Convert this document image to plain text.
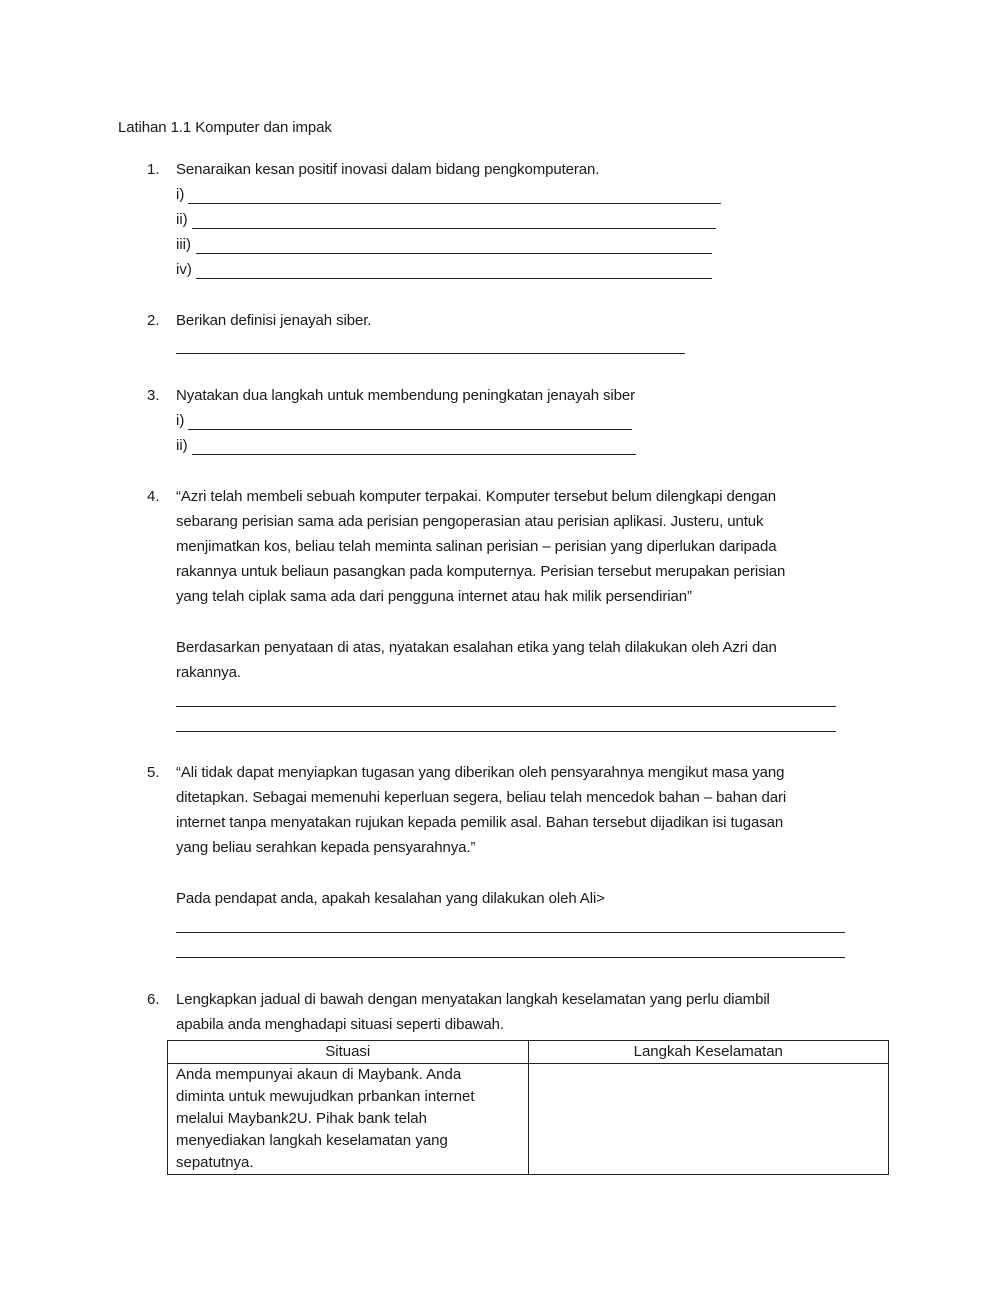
Latihan 1.1 Komputer dan impak
1. Senaraikan kesan positif inovasi dalam bidang pengkomputeran.
i)
ii)
iii)
iv)
2. Berikan definisi jenayah siber.
3. Nyatakan dua langkah untuk membendung peningkatan jenayah siber
i)
ii)
4. “Azri telah membeli sebuah komputer terpakai. Komputer tersebut belum dilengkapi dengan
sebarang perisian sama ada perisian pengoperasian atau perisian aplikasi. Justeru, untuk
menjimatkan kos, beliau telah meminta salinan perisian – perisian yang diperlukan daripada
rakannya untuk beliaun pasangkan pada komputernya. Perisian tersebut merupakan perisian
yang telah ciplak sama ada dari pengguna internet atau hak milik persendirian”
Berdasarkan penyataan di atas, nyatakan esalahan etika yang telah dilakukan oleh Azri dan
rakannya.
5. “Ali tidak dapat menyiapkan tugasan yang diberikan oleh pensyarahnya mengikut masa yang
ditetapkan. Sebagai memenuhi keperluan segera, beliau telah mencedok bahan – bahan dari
internet tanpa menyatakan rujukan kepada pemilik asal. Bahan tersebut dijadikan isi tugasan
yang beliau serahkan kepada pensyarahnya.”
Pada pendapat anda, apakah kesalahan yang dilakukan oleh Ali>
6. Lengkapkan jadual di bawah dengan menyatakan langkah keselamatan yang perlu diambil
apabila anda menghadapi situasi seperti dibawah.
Situasi	Langkah Keselamatan

Anda mempunyai akaun di Maybank. Anda
diminta untuk mewujudkan prbankan internet
melalui Maybank2U. Pihak bank telah
menyediakan langkah keselamatan yang
sepatutnya.	
